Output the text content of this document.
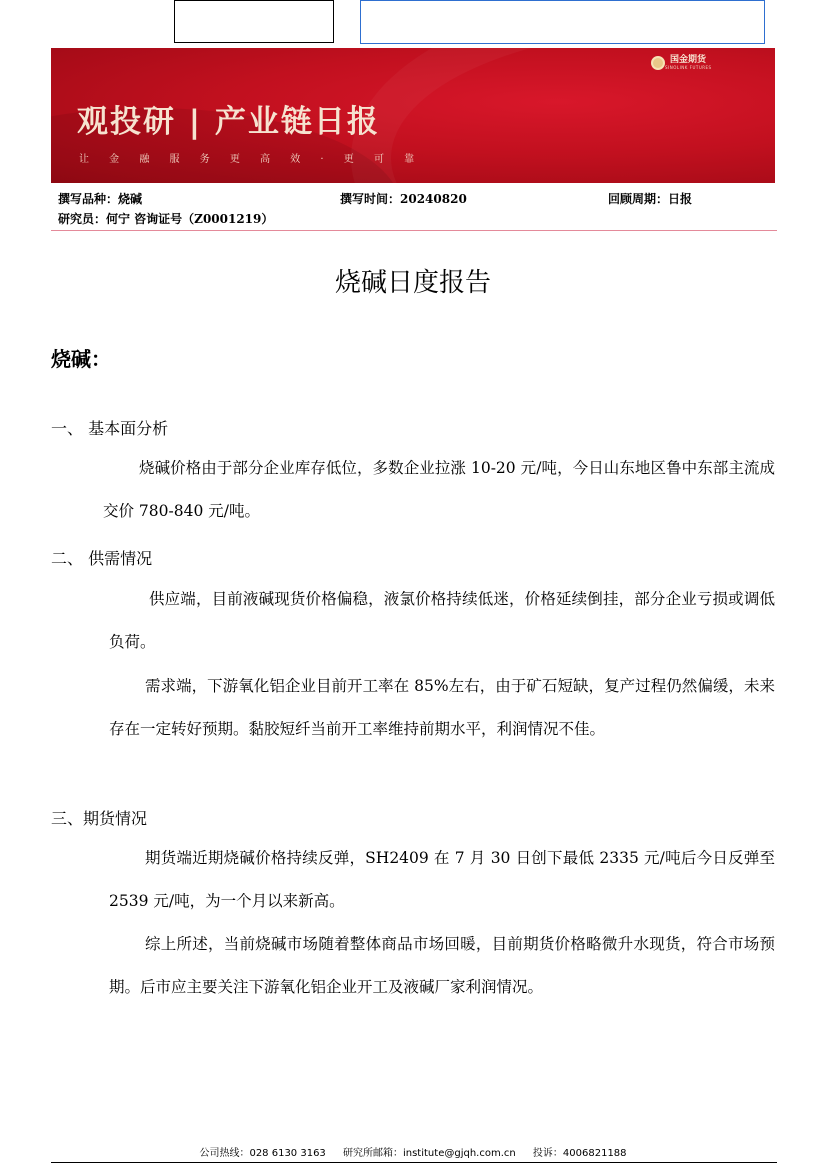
国金期货
SINOLINK FUTURES
观投研 | 产业链日报
让 金 融 服 务 更 高 效 · 更 可 靠
撰写品种：烧碱	撰写时间：20240820	回顾周期：日报
研究员：何宁 咨询证号（Z0001219）
烧碱日度报告
烧碱：
一、 基本面分析
烧碱价格由于部分企业库存低位，多数企业拉涨 10-20 元/吨，今日山东地区鲁中东部主流成交价 780-840 元/吨。
二、 供需情况
供应端，目前液碱现货价格偏稳，液氯价格持续低迷，价格延续倒挂，部分企业亏损或调低负荷。
需求端，下游氧化铝企业目前开工率在 85%左右，由于矿石短缺，复产过程仍然偏缓，未来存在一定转好预期。黏胶短纤当前开工率维持前期水平，利润情况不佳。
三、期货情况
期货端近期烧碱价格持续反弹，SH2409 在 7 月 30 日创下最低 2335 元/吨后今日反弹至 2539 元/吨，为一个月以来新高。
综上所述，当前烧碱市场随着整体商品市场回暖，目前期货价格略微升水现货，符合市场预期。后市应主要关注下游氧化铝企业开工及液碱厂家利润情况。
公司热线：028 6130 3163 研究所邮箱：institute@gjqh.com.cn 投诉：4006821188
